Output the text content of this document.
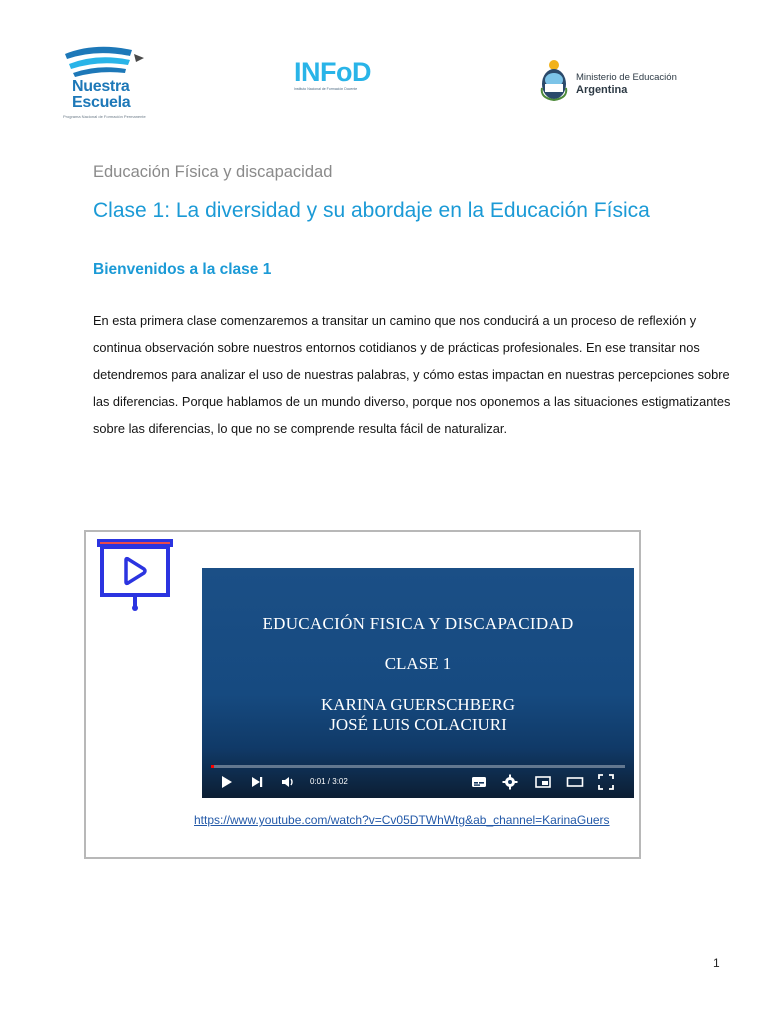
Nuestra
Escuela
Programa Nacional de Formación Permanente
INFoD
Instituto Nacional de Formación Docente
Ministerio de Educación
Argentina
Educación Física y discapacidad
Clase 1: La diversidad y su abordaje en la Educación Física
Bienvenidos a la clase 1

En esta primera clase comenzaremos a transitar un camino que nos conducirá a un proceso de reflexión y continua observación sobre nuestros entornos cotidianos y de prácticas profesionales. En ese transitar nos detendremos para analizar el uso de nuestras palabras, y cómo estas impactan en nuestras percepciones sobre las diferencias. Porque hablamos de un mundo diverso, porque nos oponemos a las situaciones estigmatizantes sobre las diferencias, lo que no se comprende resulta fácil de naturalizar.

EDUCACIÓN FISICA Y DISCAPACIDAD
CLASE 1
KARINA GUERSCHBERG
JOSÉ LUIS COLACIURI
0:01 / 3:02
https://www.youtube.com/watch?v=Cv05DTWhWtg&ab_channel=KarinaGuers
1
